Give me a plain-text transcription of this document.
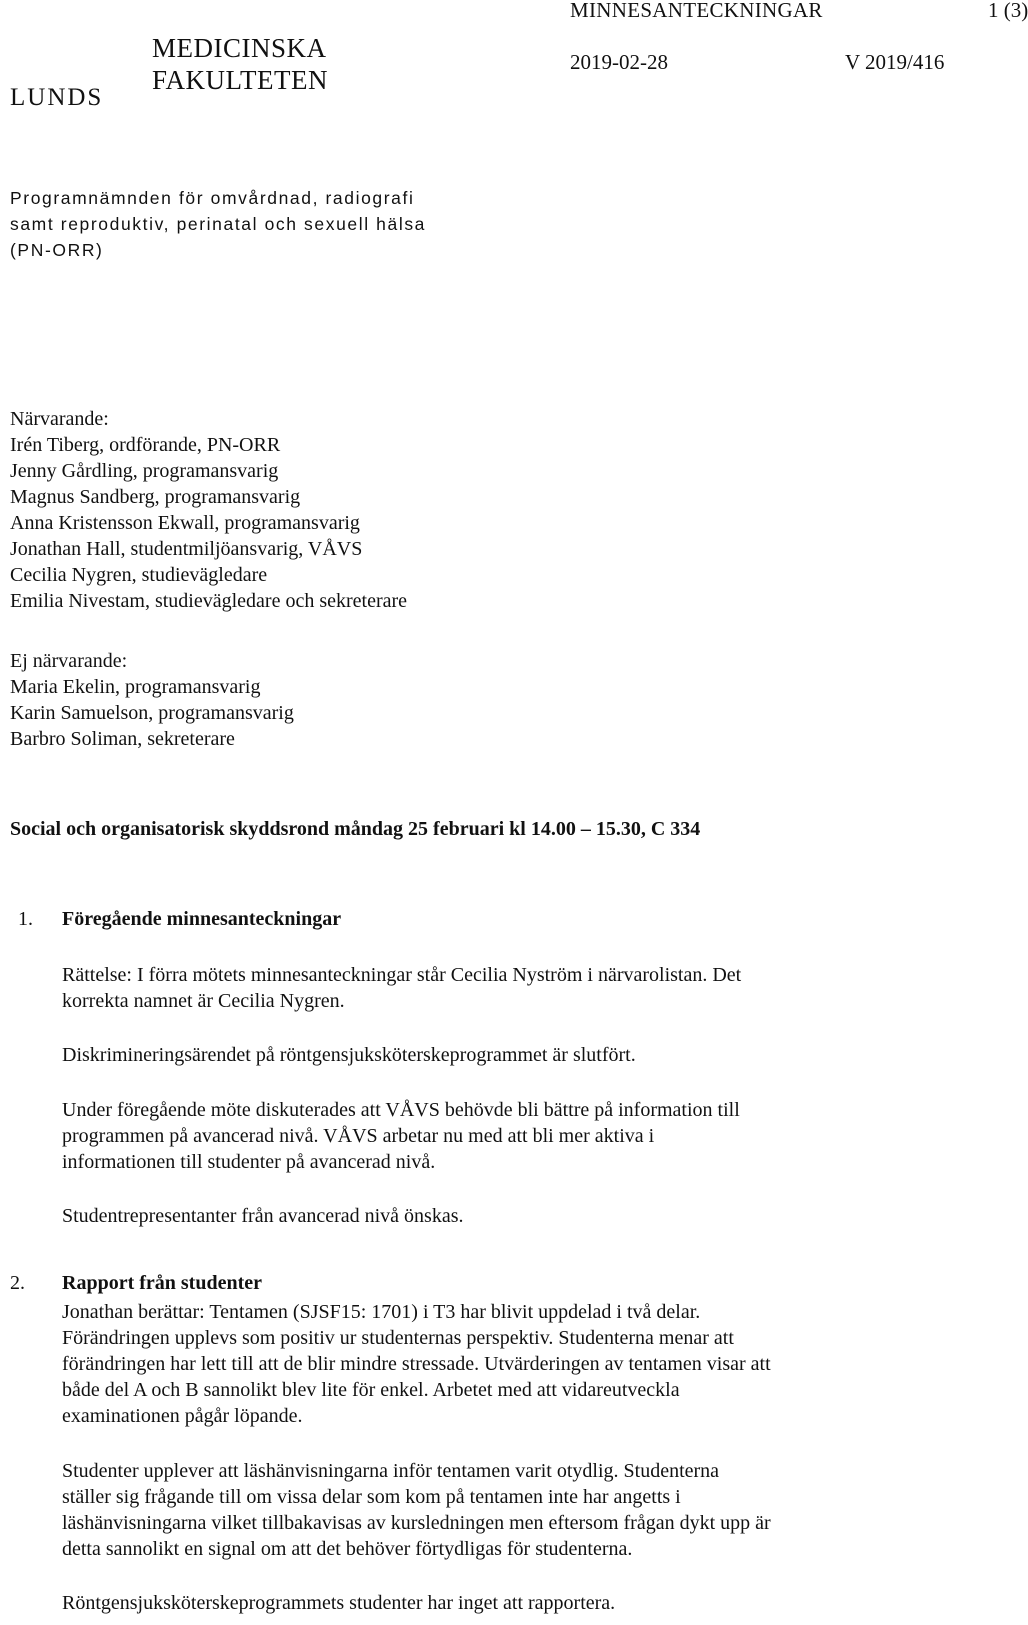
LUNDS
MEDICINSKA
FAKULTETEN
MINNESANTECKNINGAR	1 (3)
2019-02-28	V 2019/416
Programnämnden för omvårdnad, radiografi
samt reproduktiv, perinatal och sexuell hälsa
(PN-ORR)
Närvarande:
Irén Tiberg, ordförande, PN-ORR
Jenny Gårdling, programansvarig
Magnus Sandberg, programansvarig
Anna Kristensson Ekwall, programansvarig
Jonathan Hall, studentmiljöansvarig, VÅVS
Cecilia Nygren, studievägledare
Emilia Nivestam, studievägledare och sekreterare
Ej närvarande:
Maria Ekelin, programansvarig
Karin Samuelson, programansvarig
Barbro Soliman, sekreterare
Social och organisatorisk skyddsrond måndag 25 februari kl 14.00 – 15.30, C 334
1. Föregående minnesanteckningar
Rättelse: I förra mötets minnesanteckningar står Cecilia Nyström i närvarolistan. Det
korrekta namnet är Cecilia Nygren.
Diskrimineringsärendet på röntgensjuksköterskeprogrammet är slutfört.
Under föregående möte diskuterades att VÅVS behövde bli bättre på information till
programmen på avancerad nivå. VÅVS arbetar nu med att bli mer aktiva i
informationen till studenter på avancerad nivå.
Studentrepresentanter från avancerad nivå önskas.
2. Rapport från studenter
Jonathan berättar: Tentamen (SJSF15: 1701) i T3 har blivit uppdelad i två delar.
Förändringen upplevs som positiv ur studenternas perspektiv. Studenterna menar att
förändringen har lett till att de blir mindre stressade. Utvärderingen av tentamen visar att
både del A och B sannolikt blev lite för enkel. Arbetet med att vidareutveckla
examinationen pågår löpande.
Studenter upplever att läshänvisningarna inför tentamen varit otydlig. Studenterna
ställer sig frågande till om vissa delar som kom på tentamen inte har angetts i
läshänvisningarna vilket tillbakavisas av kursledningen men eftersom frågan dykt upp är
detta sannolikt en signal om att det behöver förtydligas för studenterna.
Röntgensjuksköterskeprogrammets studenter har inget att rapportera.
